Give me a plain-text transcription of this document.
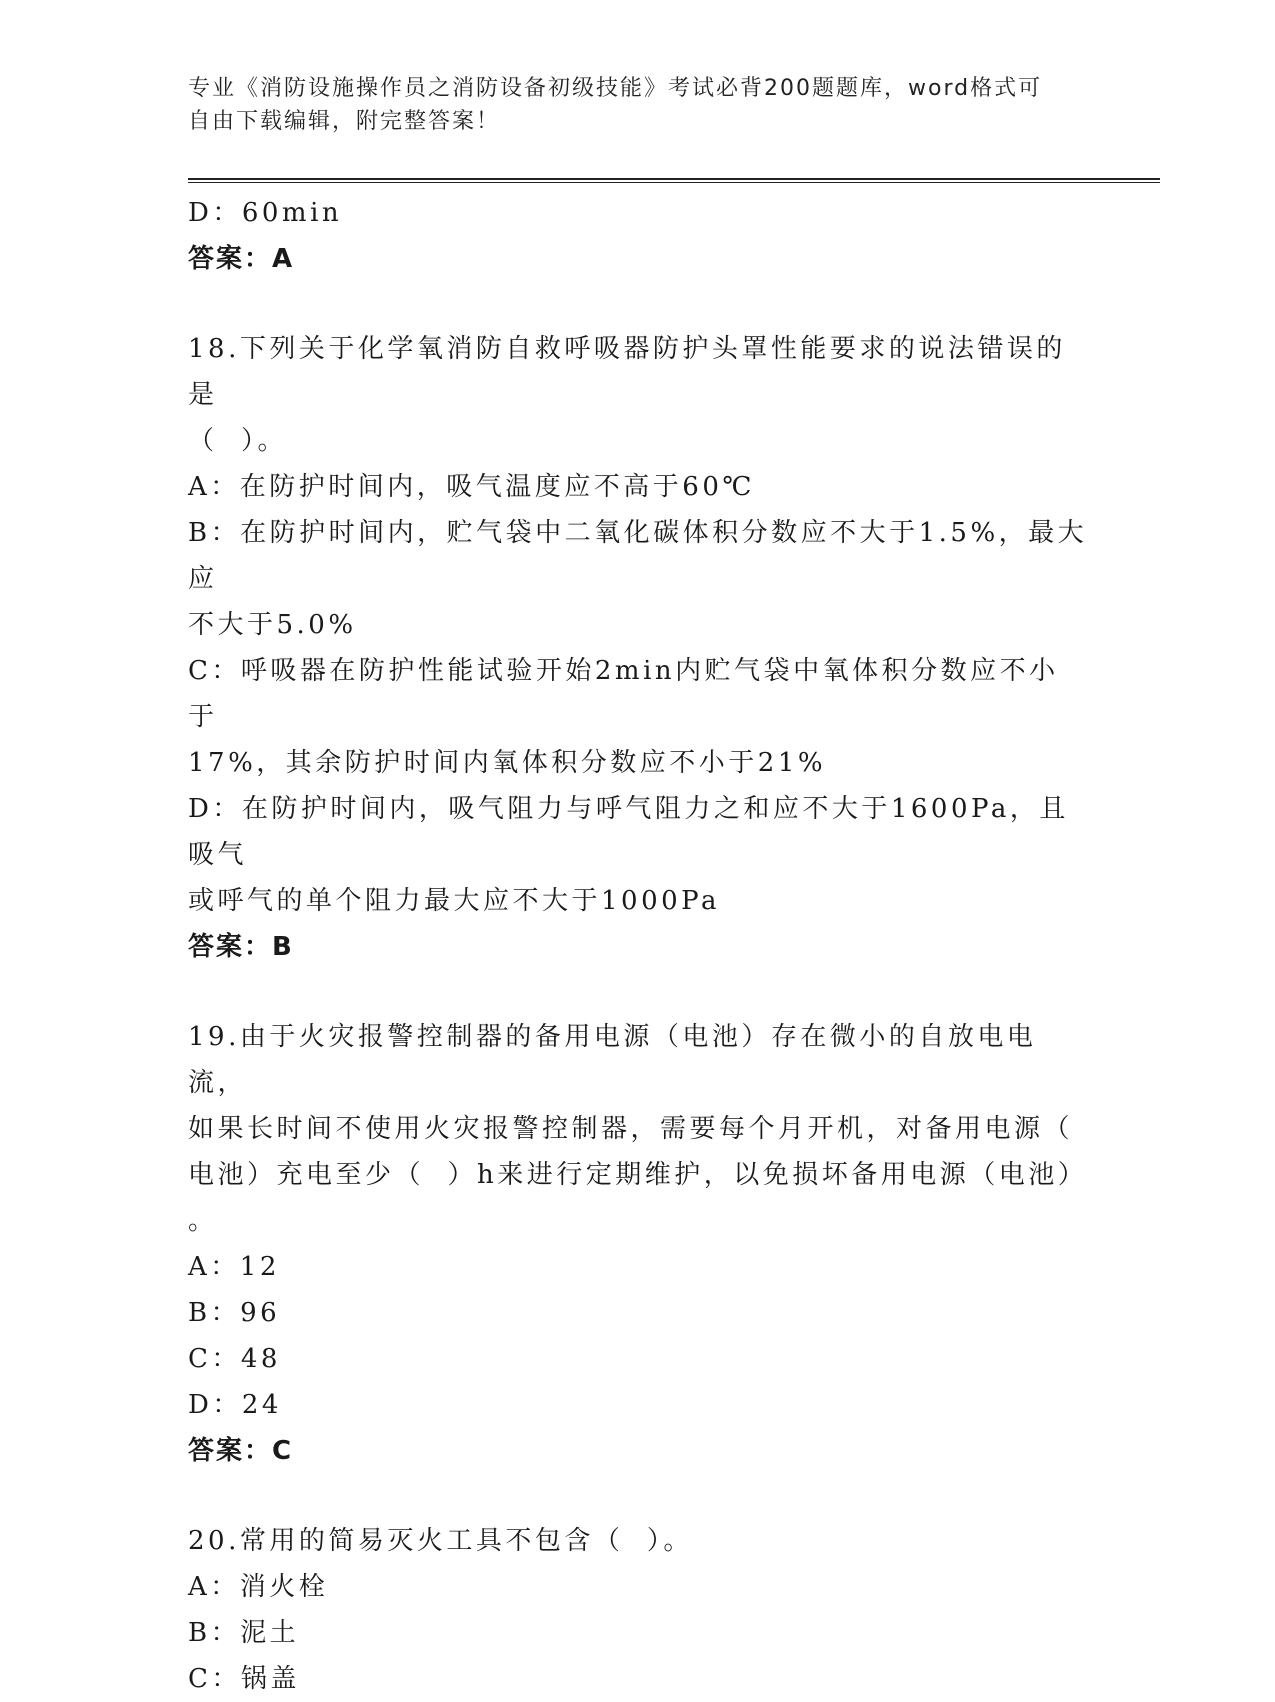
专业《消防设施操作员之消防设备初级技能》考试必背200题题库，word格式可
自由下载编辑，附完整答案！
D：60min
答案：A
18.下列关于化学氧消防自救呼吸器防护头罩性能要求的说法错误的是
（  ）。
A：在防护时间内，吸气温度应不高于60℃
B：在防护时间内，贮气袋中二氧化碳体积分数应不大于1.5%，最大应
不大于5.0%
C：呼吸器在防护性能试验开始2min内贮气袋中氧体积分数应不小于
17%，其余防护时间内氧体积分数应不小于21%
D：在防护时间内，吸气阻力与呼气阻力之和应不大于1600Pa，且吸气
或呼气的单个阻力最大应不大于1000Pa
答案：B
19.由于火灾报警控制器的备用电源（电池）存在微小的自放电电流，
如果长时间不使用火灾报警控制器，需要每个月开机，对备用电源（
电池）充电至少（  ）h来进行定期维护，以免损坏备用电源（电池）
。
A：12
B：96
C：48
D：24
答案：C
20.常用的简易灭火工具不包含（  ）。
A：消火栓
B：泥土
C：锅盖
